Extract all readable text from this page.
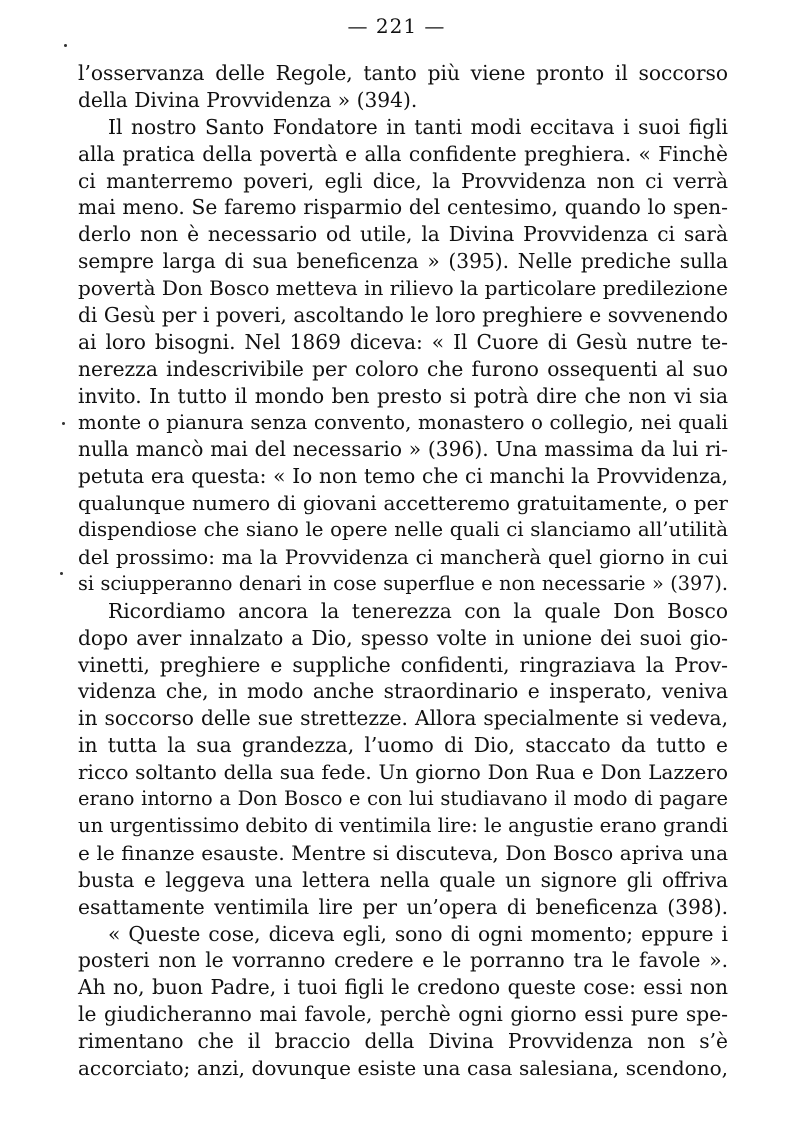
— 221 —
l’osservanza delle Regole, tanto più viene pronto il soccorso
della Divina Provvidenza » (394).
Il nostro Santo Fondatore in tanti modi eccitava i suoi figli
alla pratica della povertà e alla confidente preghiera. « Finchè
ci manterremo poveri, egli dice, la Provvidenza non ci verrà
mai meno. Se faremo risparmio del centesimo, quando lo spen-
derlo non è necessario od utile, la Divina Provvidenza ci sarà
sempre larga di sua beneficenza » (395). Nelle prediche sulla
povertà Don Bosco metteva in rilievo la particolare predilezione
di Gesù per i poveri, ascoltando le loro preghiere e sovvenendo
ai loro bisogni. Nel 1869 diceva: « Il Cuore di Gesù nutre te-
nerezza indescrivibile per coloro che furono ossequenti al suo
invito. In tutto il mondo ben presto si potrà dire che non vi sia
monte o pianura senza convento, monastero o collegio, nei quali
nulla mancò mai del necessario » (396). Una massima da lui ri-
petuta era questa: « Io non temo che ci manchi la Provvidenza,
qualunque numero di giovani accetteremo gratuitamente, o per
dispendiose che siano le opere nelle quali ci slanciamo all’utilità
del prossimo: ma la Provvidenza ci mancherà quel giorno in cui
si sciupperanno denari in cose superflue e non necessarie » (397).
Ricordiamo ancora la tenerezza con la quale Don Bosco
dopo aver innalzato a Dio, spesso volte in unione dei suoi gio-
vinetti, preghiere e suppliche confidenti, ringraziava la Prov-
videnza che, in modo anche straordinario e insperato, veniva
in soccorso delle sue strettezze. Allora specialmente si vedeva,
in tutta la sua grandezza, l’uomo di Dio, staccato da tutto e
ricco soltanto della sua fede. Un giorno Don Rua e Don Lazzero
erano intorno a Don Bosco e con lui studiavano il modo di pagare
un urgentissimo debito di ventimila lire: le angustie erano grandi
e le finanze esauste. Mentre si discuteva, Don Bosco apriva una
busta e leggeva una lettera nella quale un signore gli offriva
esattamente ventimila lire per un’opera di beneficenza (398).
« Queste cose, diceva egli, sono di ogni momento; eppure i
posteri non le vorranno credere e le porranno tra le favole ».
Ah no, buon Padre, i tuoi figli le credono queste cose: essi non
le giudicheranno mai favole, perchè ogni giorno essi pure spe-
rimentano che il braccio della Divina Provvidenza non s’è
accorciato; anzi, dovunque esiste una casa salesiana, scendono,
